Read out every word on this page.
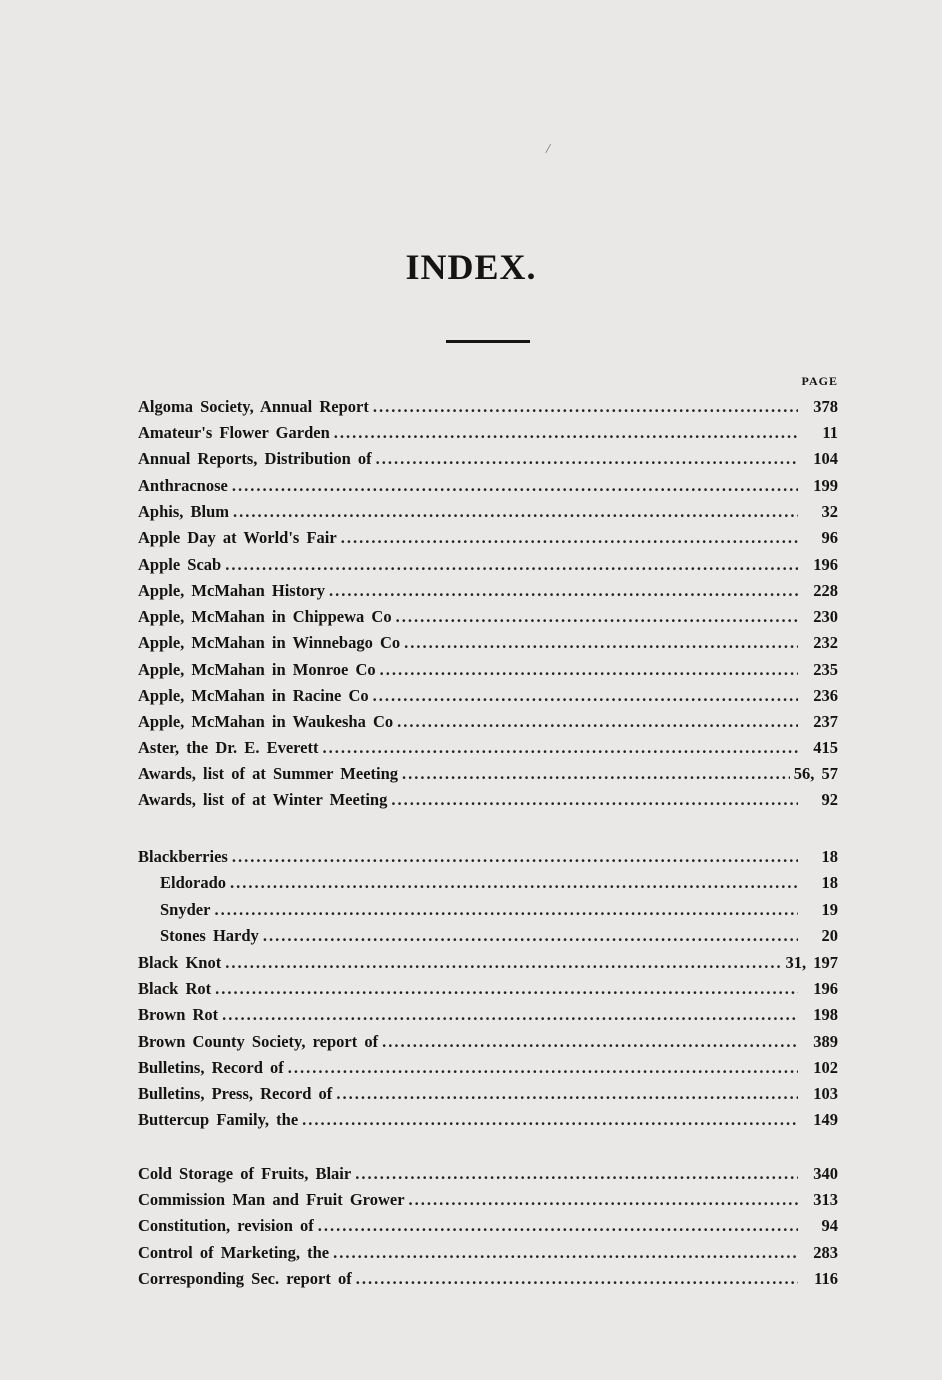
/
INDEX.
PAGE
Algoma Society, Annual Report .....	378
Amateur's Flower Garden .....	11
Annual Reports, Distribution of .....	104
Anthracnose .....	199
Aphis, Blum .....	32
Apple Day at World's Fair .....	96
Apple Scab .....	196
Apple, McMahan History .....	228
Apple, McMahan in Chippewa Co .....	230
Apple, McMahan in Winnebago Co .....	232
Apple, McMahan in Monroe Co .....	235
Apple, McMahan in Racine Co .....	236
Apple, McMahan in Waukesha Co .....	237
Aster, the Dr. E. Everett .....	415
Awards, list of at Summer Meeting .....	56, 57
Awards, list of at Winter Meeting .....	92
Blackberries .....	18
Eldorado .....	18
Snyder .....	19
Stones Hardy .....	20
Black Knot .....	31, 197
Black Rot .....	196
Brown Rot .....	198
Brown County Society, report of .....	389
Bulletins, Record of .....	102
Bulletins, Press, Record of .....	103
Buttercup Family, the .....	149
Cold Storage of Fruits, Blair .....	340
Commission Man and Fruit Grower .....	313
Constitution, revision of .....	94
Control of Marketing, the .....	283
Corresponding Sec. report of .....	116
